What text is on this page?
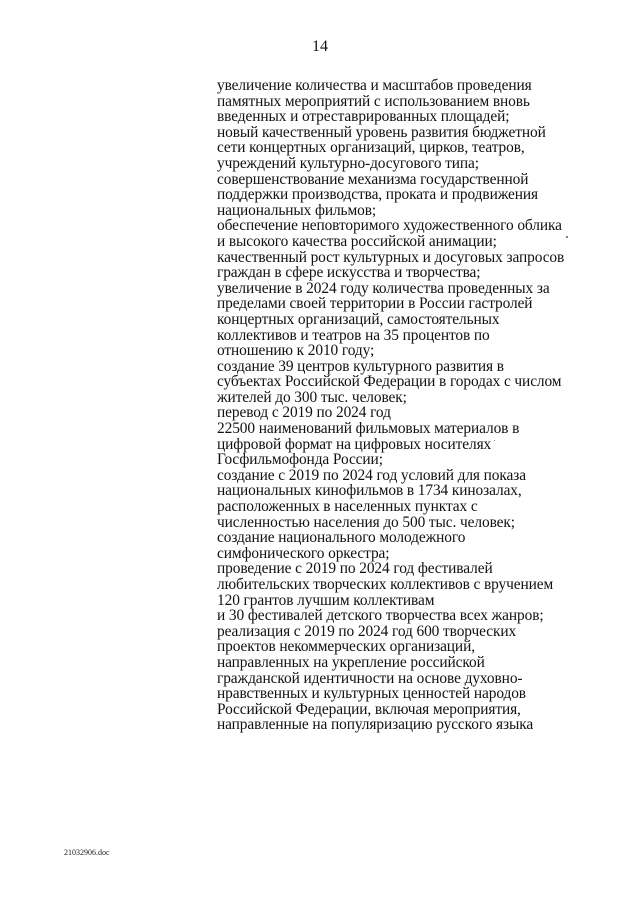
14
увеличение количества и масштабов проведения
памятных мероприятий с использованием вновь
введенных и отреставрированных площадей;
новый качественный уровень развития бюджетной
сети концертных организаций, цирков, театров,
учреждений культурно-досугового типа;
совершенствование механизма государственной
поддержки производства, проката и продвижения
национальных фильмов;
обеспечение неповторимого художественного облика
и высокого качества российской анимации;
качественный рост культурных и досуговых запросов
граждан в сфере искусства и творчества;
увеличение в 2024 году количества проведенных за
пределами своей территории в России гастролей
концертных организаций, самостоятельных
коллективов и театров на 35 процентов по
отношению к 2010 году;
создание 39 центров культурного развития в
субъектах Российской Федерации в городах с числом
жителей до 300 тыс. человек;
перевод с 2019 по 2024 год
22500 наименований фильмовых материалов в
цифровой формат на цифровых носителях
Госфильмофонда России;
создание с 2019 по 2024 год условий для показа
национальных кинофильмов в 1734 кинозалах,
расположенных в населенных пунктах с
численностью населения до 500 тыс. человек;
создание национального молодежного
симфонического оркестра;
проведение с 2019 по 2024 год фестивалей
любительских творческих коллективов с вручением
120 грантов лучшим коллективам
и 30 фестивалей детского творчества всех жанров;
реализация с 2019 по 2024 год 600 творческих
проектов некоммерческих организаций,
направленных на укрепление российской
гражданской идентичности на основе духовно-
нравственных и культурных ценностей народов
Российской Федерации, включая мероприятия,
направленные на популяризацию русского языка
21032906.doc
